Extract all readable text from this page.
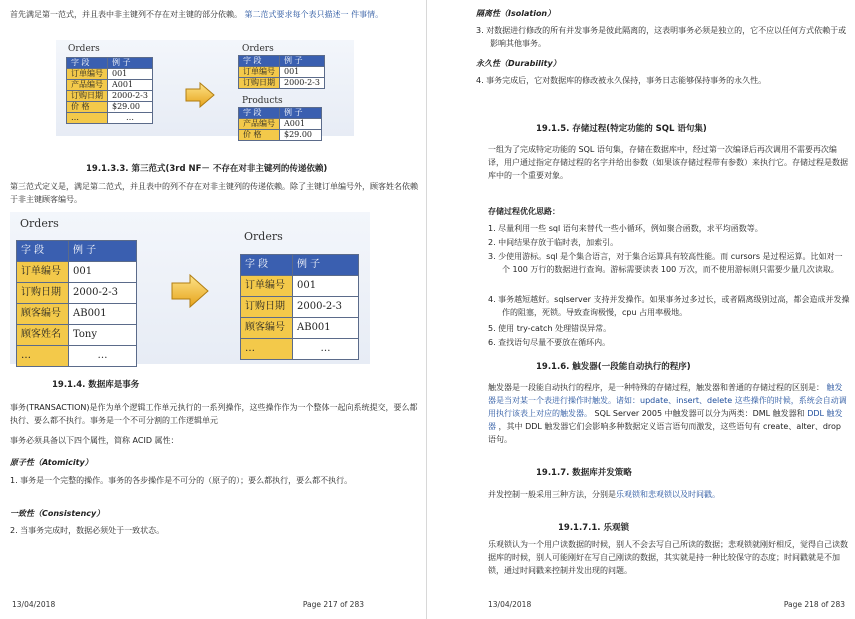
首先满足第一范式，并且表中非主键列不存在对主键的部分依赖。 第二范式要求每个表只描述一 件事情。
Orders
字 段	例 子
订单编号	001
产品编号	A001
订购日期	2000-2-3
价 格	$29.00
…	…
Orders
字 段	例 子
订单编号	001
订购日期	2000-2-3
Products
字 段	例 子
产品编号	A001
价 格	$29.00
19.1.3.3. 第三范式(3rd NF－ 不存在对非主键列的传递依赖)
第三范式定义是，满足第二范式，并且表中的列不存在对非主键列的传递依赖。除了主键订单编号外，顾客姓名依赖于非主键顾客编号。
Orders
字 段	例 子
订单编号	001
订购日期	2000-2-3
顾客编号	AB001
顾客姓名	Tony
…	…
Orders
字 段	例 子
订单编号	001
订购日期	2000-2-3
顾客编号	AB001
…	…
19.1.4. 数据库是事务
事务(TRANSACTION)是作为单个逻辑工作单元执行的一系列操作，这些操作作为一个整体一起向系统提交，要么都执行、要么都不执行。事务是一个不可分割的工作逻辑单元
事务必须具备以下四个属性，简称 ACID 属性：
原子性（Atomicity）
1. 事务是一个完整的操作。事务的各步操作是不可分的（原子的）；要么都执行，要么都不执行。
一致性（Consistency）
2. 当事务完成时，数据必须处于一致状态。
13/04/2018	Page 217 of 283
隔离性（Isolation）
3. 对数据进行修改的所有并发事务是彼此隔离的，这表明事务必须是独立的，它不应以任何方式依赖于或影响其他事务。
永久性（Durability）
4. 事务完成后，它对数据库的修改被永久保持，事务日志能够保持事务的永久性。
19.1.5. 存储过程(特定功能的 SQL 语句集)
一组为了完成特定功能的 SQL 语句集，存储在数据库中，经过第一次编译后再次调用不需要再次编译，用户通过指定存储过程的名字并给出参数（如果该存储过程带有参数）来执行它。存储过程是数据库中的一个重要对象。
存储过程优化思路：
1. 尽量利用一些 sql 语句来替代一些小循环，例如聚合函数，求平均函数等。
2. 中间结果存放于临时表，加索引。
3. 少使用游标。sql 是个集合语言，对于集合运算具有较高性能。而 cursors 是过程运算。比如对一个 100 万行的数据进行查询。游标需要读表 100 万次，而不使用游标则只需要少量几次读取。
4. 事务越短越好。sqlserver 支持并发操作。如果事务过多过长，或者隔离级别过高，都会造成并发操作的阻塞，死锁。导致查询极慢，cpu 占用率极地。
5. 使用 try-catch 处理错误异常。
6. 查找语句尽量不要放在循环内。
19.1.6. 触发器(一段能自动执行的程序)
触发器是一段能自动执行的程序，是一种特殊的存储过程，触发器和普通的存储过程的区别是： 触发器是当对某一个表进行操作时触发。诸如：update、insert、delete 这些操作的时候，系统会自动调用执行该表上对应的触发器。 SQL Server 2005 中触发器可以分为两类：DML 触发器和 DDL 触发器 ，其中 DDL 触发器它们会影响多种数据定义语言语句而激发，这些语句有 create、alter、drop 语句。
19.1.7. 数据库并发策略
并发控制一般采用三种方法，分别是乐观锁和悲观锁以及时间戳。
19.1.7.1. 乐观锁
乐观锁认为一个用户读数据的时候，别人不会去写自己所读的数据；悲观锁就刚好相反，觉得自己读数据库的时候，别人可能刚好在写自己刚读的数据，其实就是持一种比较保守的态度；时间戳就是不加锁，通过时间戳来控制并发出现的问题。
13/04/2018	Page 218 of 283
